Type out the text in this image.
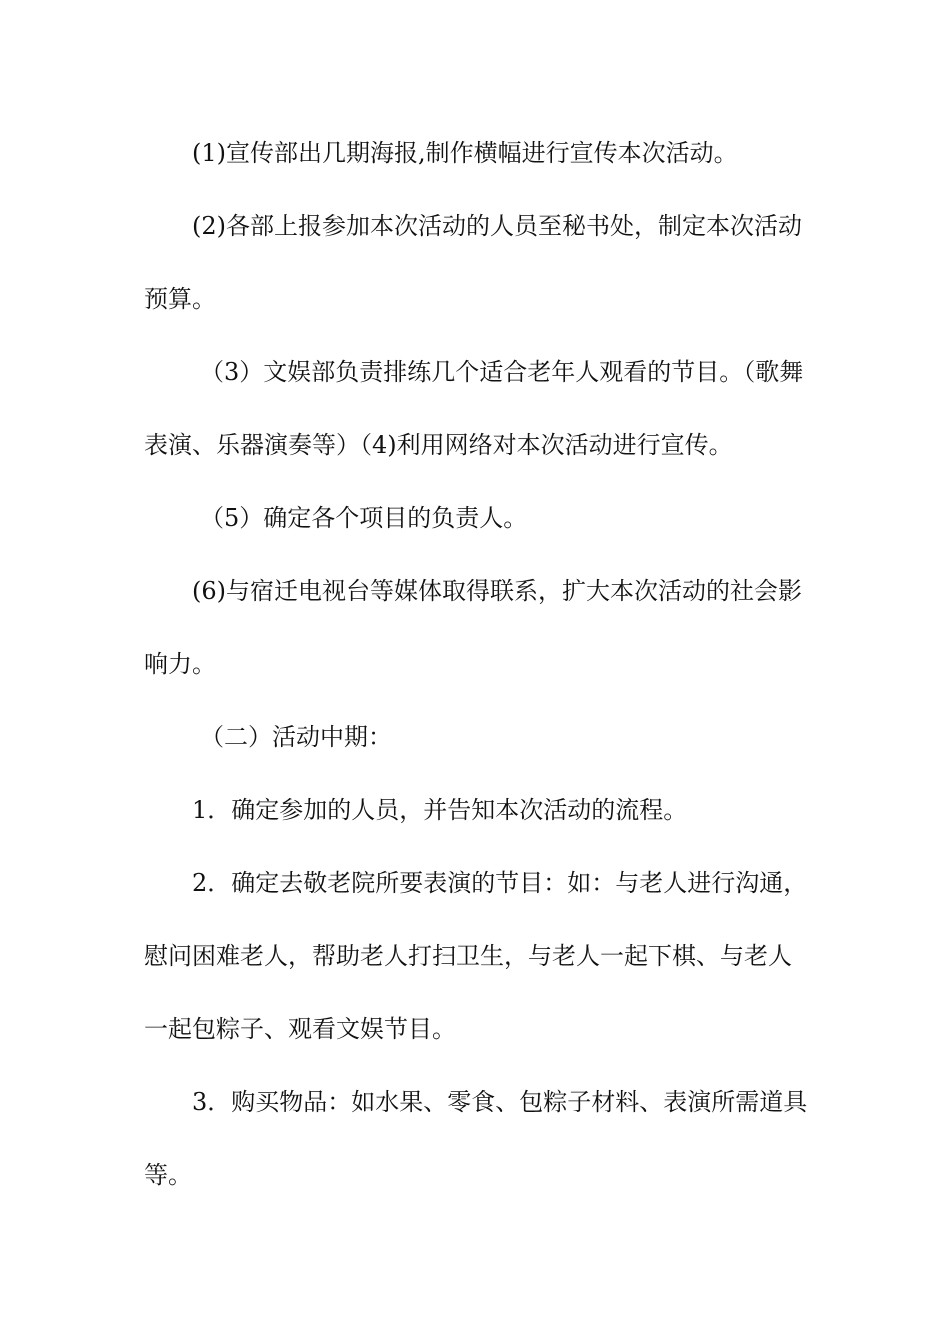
(1)宣传部出几期海报,制作横幅进行宣传本次活动。
(2)各部上报参加本次活动的人员至秘书处，制定本次活动
预算。
（3）文娱部负责排练几个适合老年人观看的节目。（歌舞
表演、乐器演奏等）（4)利用网络对本次活动进行宣传。
（5）确定各个项目的负责人。
(6)与宿迁电视台等媒体取得联系，扩大本次活动的社会影
响力。
（二）活动中期：
1．确定参加的人员，并告知本次活动的流程。
2．确定去敬老院所要表演的节目：如：与老人进行沟通，
慰问困难老人，帮助老人打扫卫生，与老人一起下棋、与老人
一起包粽子、观看文娱节目。
3．购买物品：如水果、零食、包粽子材料、表演所需道具
等。
